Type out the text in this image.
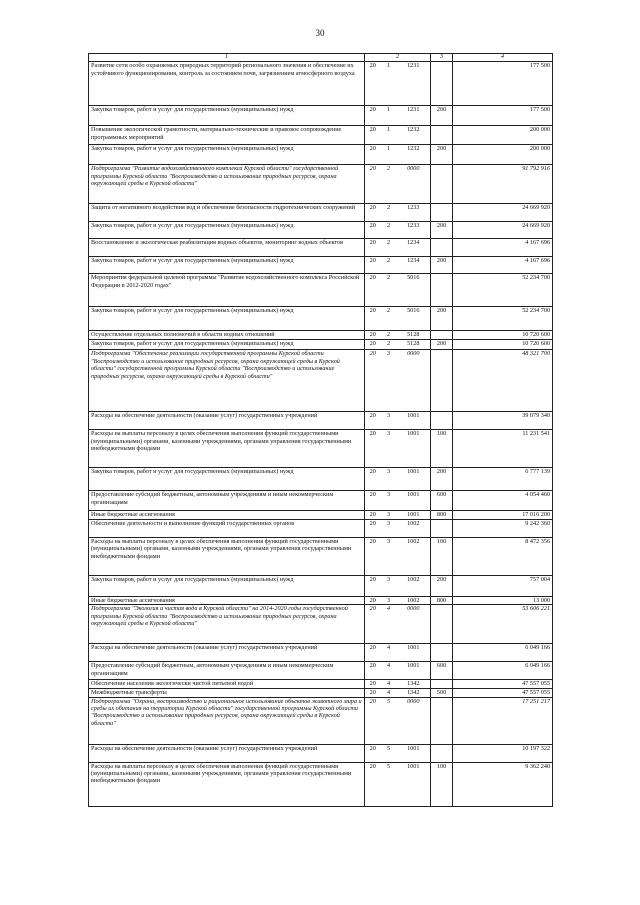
30
1	2			3	4
Развитие сети особо охраняемых природных территорий регионального значения и обеспечение их устойчивого функционирования, контроль за состоянием почв, загрязнением атмосферного воздуха	20	1	1231		177 500
Закупка товаров, работ и услуг для государственных (муниципальных) нужд	20	1	1231	200	177 500
Повышение экологической грамотности, материально-технические и правовое сопровождение программных мероприятий	20	1	1232		200 000
Закупка товаров, работ и услуг для государственных (муниципальных) нужд	20	1	1232	200	200 000
Подпрограмма "Развитие водохозяйственного комплекса Курской области" государственной программы Курской области "Воспроизводство и использование природных ресурсов, охрана окружающей среды в Курской области"	20	2	0000		91 792 916
Защита от негативного воздействия вод и обеспечение безопасности гидротехнических сооружений	20	2	1233		24 669 920
Закупка товаров, работ и услуг для государственных (муниципальных) нужд	20	2	1233	200	24 669 920
Восстановление и экологическая реабилитация водных объектов, мониторинг водных объектов	20	2	1234		4 167 696
Закупка товаров, работ и услуг для государственных (муниципальных) нужд	20	2	1234	200	4 167 696
Мероприятия федеральной целевой программы "Развитие водохозяйственного комплекса Российской Федерации в 2012-2020 годах"	20	2	5016		52 234 700
Закупка товаров, работ и услуг для государственных (муниципальных) нужд	20	2	5016	200	52 234 700
Осуществление отдельных полномочий в области водных отношений	20	2	5128		10 720 600
Закупка товаров, работ и услуг для государственных (муниципальных) нужд	20	2	5128	200	10 720 600
Подпрограмма "Обеспечение реализации государственной программы Курской области "Воспроизводство и использование природных ресурсов, охрана окружающей среды в Курской области" государственной программы Курской области "Воспроизводство и использование природных ресурсов, охрана окружающей среды в Курской области"	20	3	0000		48 321 700
Расходы на обеспечение деятельности (оказание услуг) государственных учреждений	20	3	1001		39 079 340
Расходы на выплаты персоналу в целях обеспечения выполнения функций государственными (муниципальными) органами, казенными учреждениями, органами управления государственными внебюджетными фондами	20	3	1001	100	11 231 541
Закупка товаров, работ и услуг для государственных (муниципальных) нужд	20	3	1001	200	6 777 139
Предоставление субсидий бюджетным, автономным учреждениям и иным некоммерческим организациям	20	3	1001	600	4 054 460
Иные бюджетные ассигнования	20	3	1001	800	17 016 200
Обеспечение деятельности и выполнение функций государственных органов	20	3	1002		9 242 360
Расходы на выплаты персоналу в целях обеспечения выполнения функций государственными (муниципальными) органами, казенными учреждениями, органами управления государственными внебюджетными фондами	20	3	1002	100	8 472 356
Закупка товаров, работ и услуг для государственных (муниципальных) нужд	20	3	1002	200	757 004
Иные бюджетные ассигнования	20	3	1002	800	13 000
Подпрограмма "Экология и чистая вода в Курской области" на 2014-2020 годы государственной программы Курской области "Воспроизводство и использование природных ресурсов, охрана окружающей среды в Курской области"	20	4	0000		53 606 221
Расходы на обеспечение деятельности (оказание услуг) государственных учреждений	20	4	1001		6 049 166
Предоставление субсидий бюджетным, автономным учреждениям и иным некоммерческим организациям	20	4	1001	600	6 049 166
Обеспечение населения экологически чистой питьевой водой	20	4	1342		47 557 055
Межбюджетные трансферты	20	4	1342	500	47 557 055
Подпрограмма "Охрана, воспроизводство и рациональное использование объектов животного мира и среды их обитания на территории Курской области" государственной программы Курской области "Воспроизводство и использование природных ресурсов, охрана окружающей среды в Курской области"	20	5	0000		17 251 217
Расходы на обеспечение деятельности (оказание услуг) государственных учреждений	20	5	1001		10 197 322
Расходы на выплаты персоналу в целях обеспечения выполнения функций государственными (муниципальными) органами, казенными учреждениями, органами управления государственными внебюджетными фондами	20	5	1001	100	9 362 240
